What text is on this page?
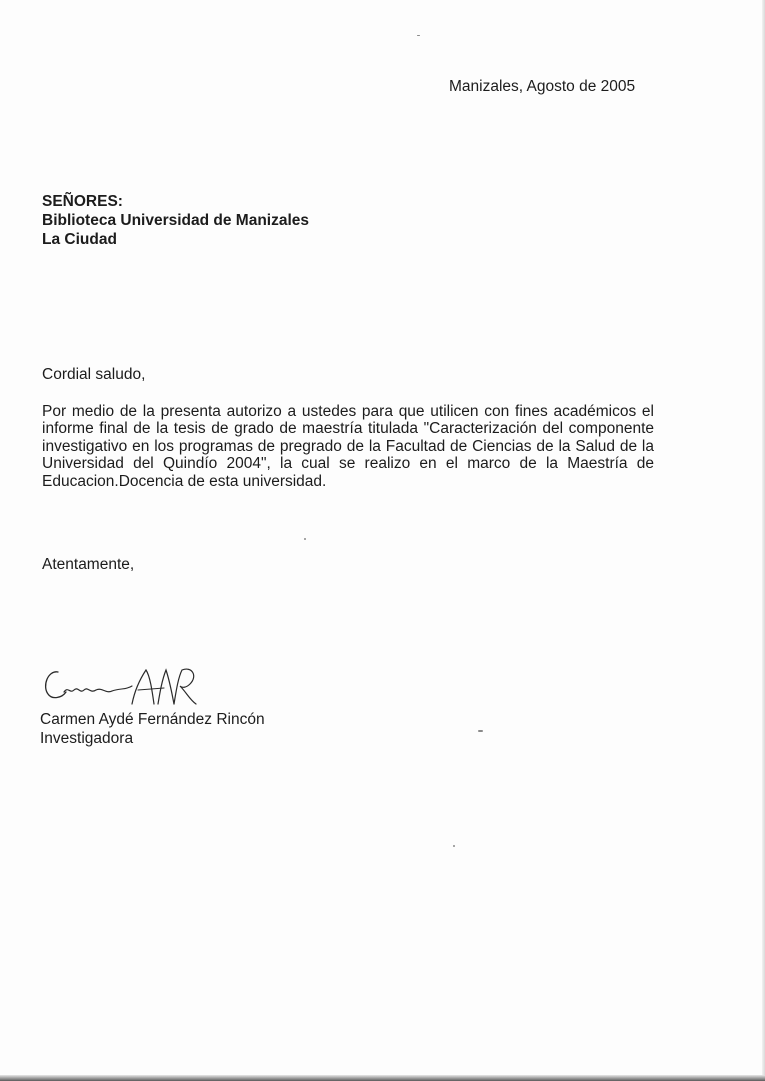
Manizales, Agosto de 2005
SEÑORES:
Biblioteca Universidad de Manizales
La Ciudad
Cordial saludo,
Por medio de la presenta autorizo a ustedes para que utilicen con fines académicos el informe final de la tesis de grado de maestría titulada "Caracterización del componente investigativo en los programas de pregrado de la Facultad de Ciencias de la Salud de la Universidad del Quindío 2004", la cual se realizo en el marco de la Maestría de Educacion.Docencia de esta universidad.
Atentamente,
Carmen Aydé Fernández Rincón
Investigadora
